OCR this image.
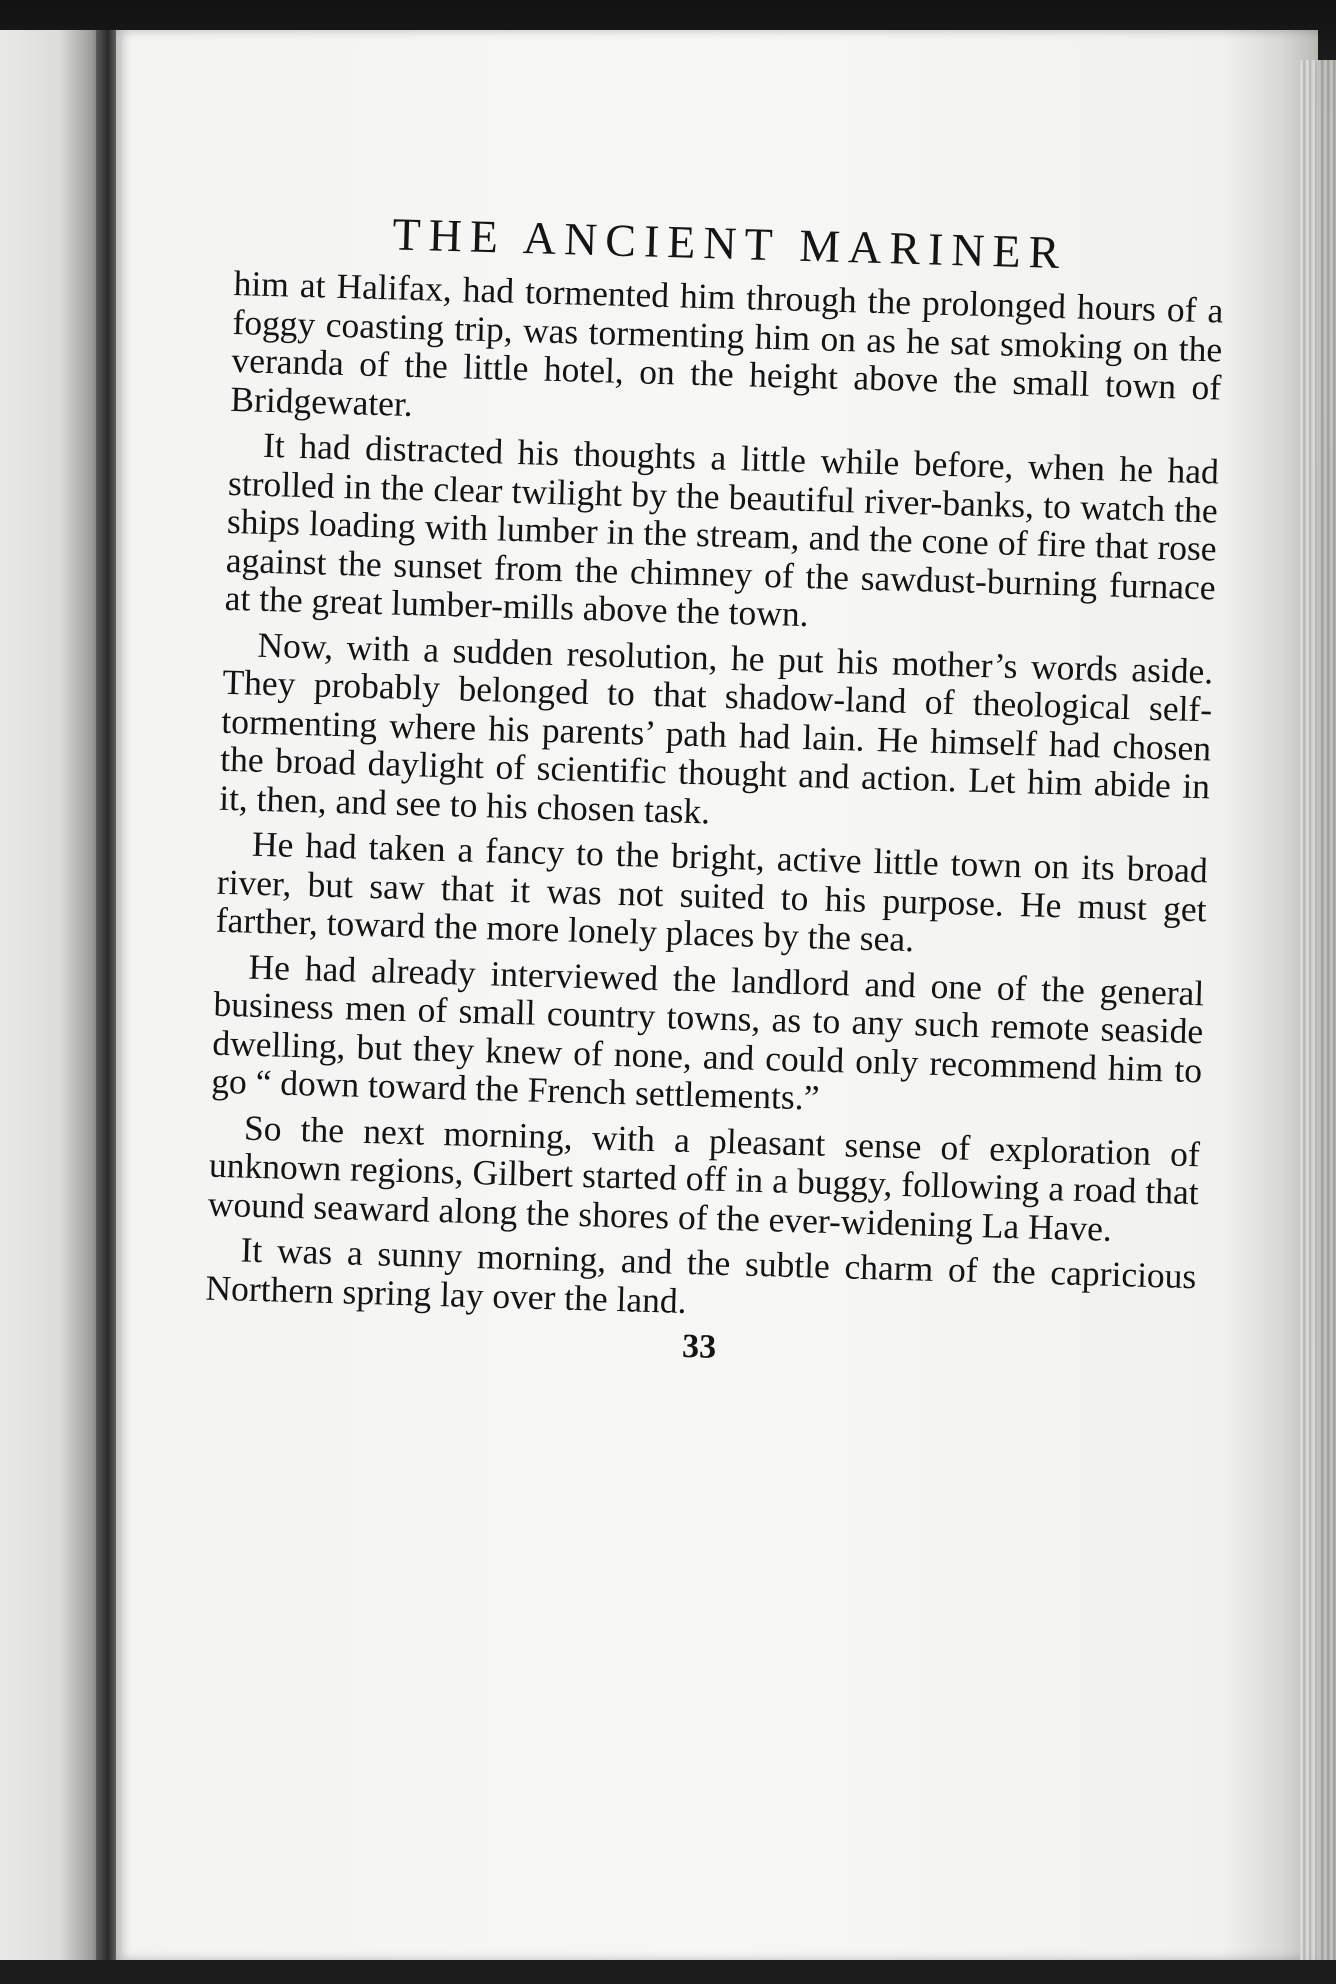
THE ANCIENT MARINER

him at Halifax, had tormented him through the prolonged hours of a foggy coasting trip, was tormenting him on as he sat smoking on the veranda of the little hotel, on the height above the small town of Bridgewater.

It had distracted his thoughts a little while before, when he had strolled in the clear twilight by the beautiful river-banks, to watch the ships loading with lumber in the stream, and the cone of fire that rose against the sunset from the chimney of the sawdust-burning furnace at the great lumber-mills above the town.

Now, with a sudden resolution, he put his mother’s words aside. They probably belonged to that shadow-land of theological self-tormenting where his parents’ path had lain. He himself had chosen the broad daylight of scientific thought and action. Let him abide in it, then, and see to his chosen task.

He had taken a fancy to the bright, active little town on its broad river, but saw that it was not suited to his purpose. He must get farther, toward the more lonely places by the sea.

He had already interviewed the landlord and one of the general business men of small country towns, as to any such remote seaside dwelling, but they knew of none, and could only recommend him to go “ down toward the French settlements.”

So the next morning, with a pleasant sense of exploration of unknown regions, Gilbert started off in a buggy, following a road that wound seaward along the shores of the ever-widening La Have.

It was a sunny morning, and the subtle charm of the capricious Northern spring lay over the land.

33
